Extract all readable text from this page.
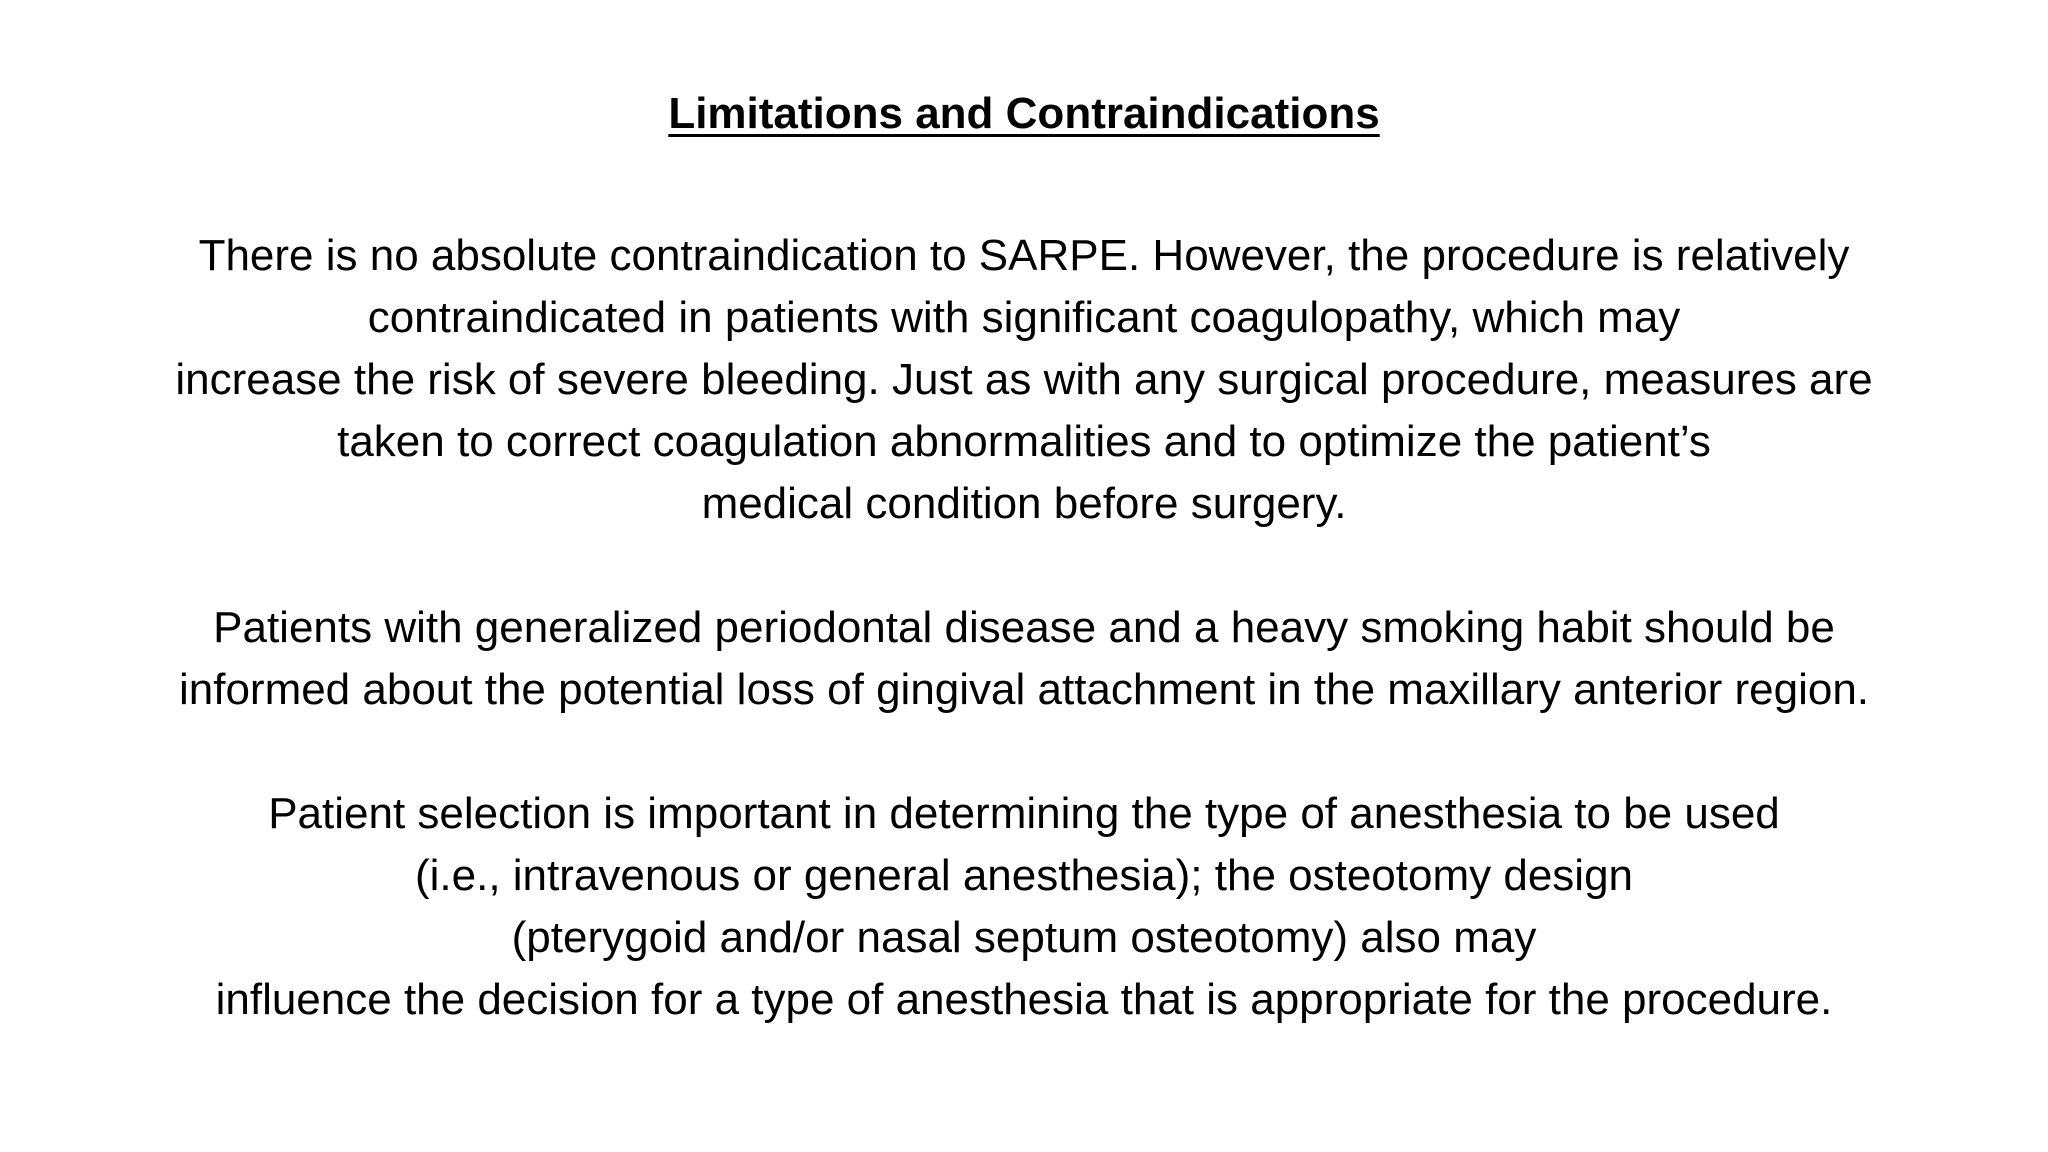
Limitations and Contraindications

There is no absolute contraindication to SARPE. However, the procedure is relatively
contraindicated in patients with significant coagulopathy, which may
increase the risk of severe bleeding. Just as with any surgical procedure, measures are
taken to correct coagulation abnormalities and to optimize the patient’s
medical condition before surgery.

Patients with generalized periodontal disease and a heavy smoking habit should be
informed about the potential loss of gingival attachment in the maxillary anterior region.

Patient selection is important in determining the type of anesthesia to be used
(i.e., intravenous or general anesthesia); the osteotomy design
(pterygoid and/or nasal septum osteotomy) also may
influence the decision for a type of anesthesia that is appropriate for the procedure.
